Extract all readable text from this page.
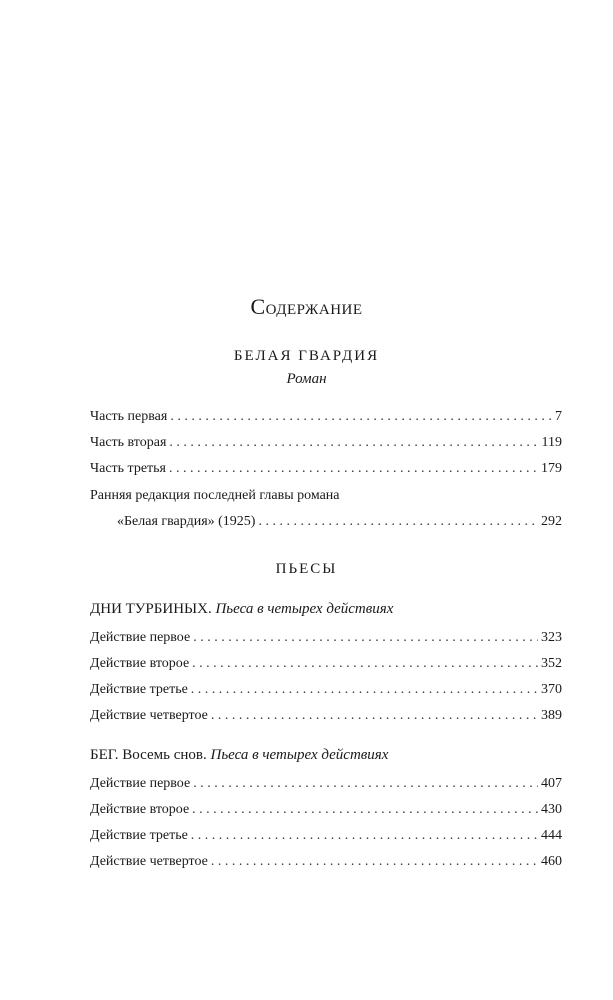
Содержание
БЕЛАЯ ГВАРДИЯ
Роман
Часть первая . . .	7
Часть вторая . . .	119
Часть третья . . .	179
Ранняя редакция последней главы романа
«Белая гвардия» (1925) . . .	292
ПЬЕСЫ
ДНИ ТУРБИНЫХ. Пьеса в четырех действиях
Действие первое . . .	323
Действие второе . . .	352
Действие третье . . .	370
Действие четвертое . . .	389
БЕГ. Восемь снов. Пьеса в четырех действиях
Действие первое . . .	407
Действие второе . . .	430
Действие третье . . .	444
Действие четвертое . . .	460
